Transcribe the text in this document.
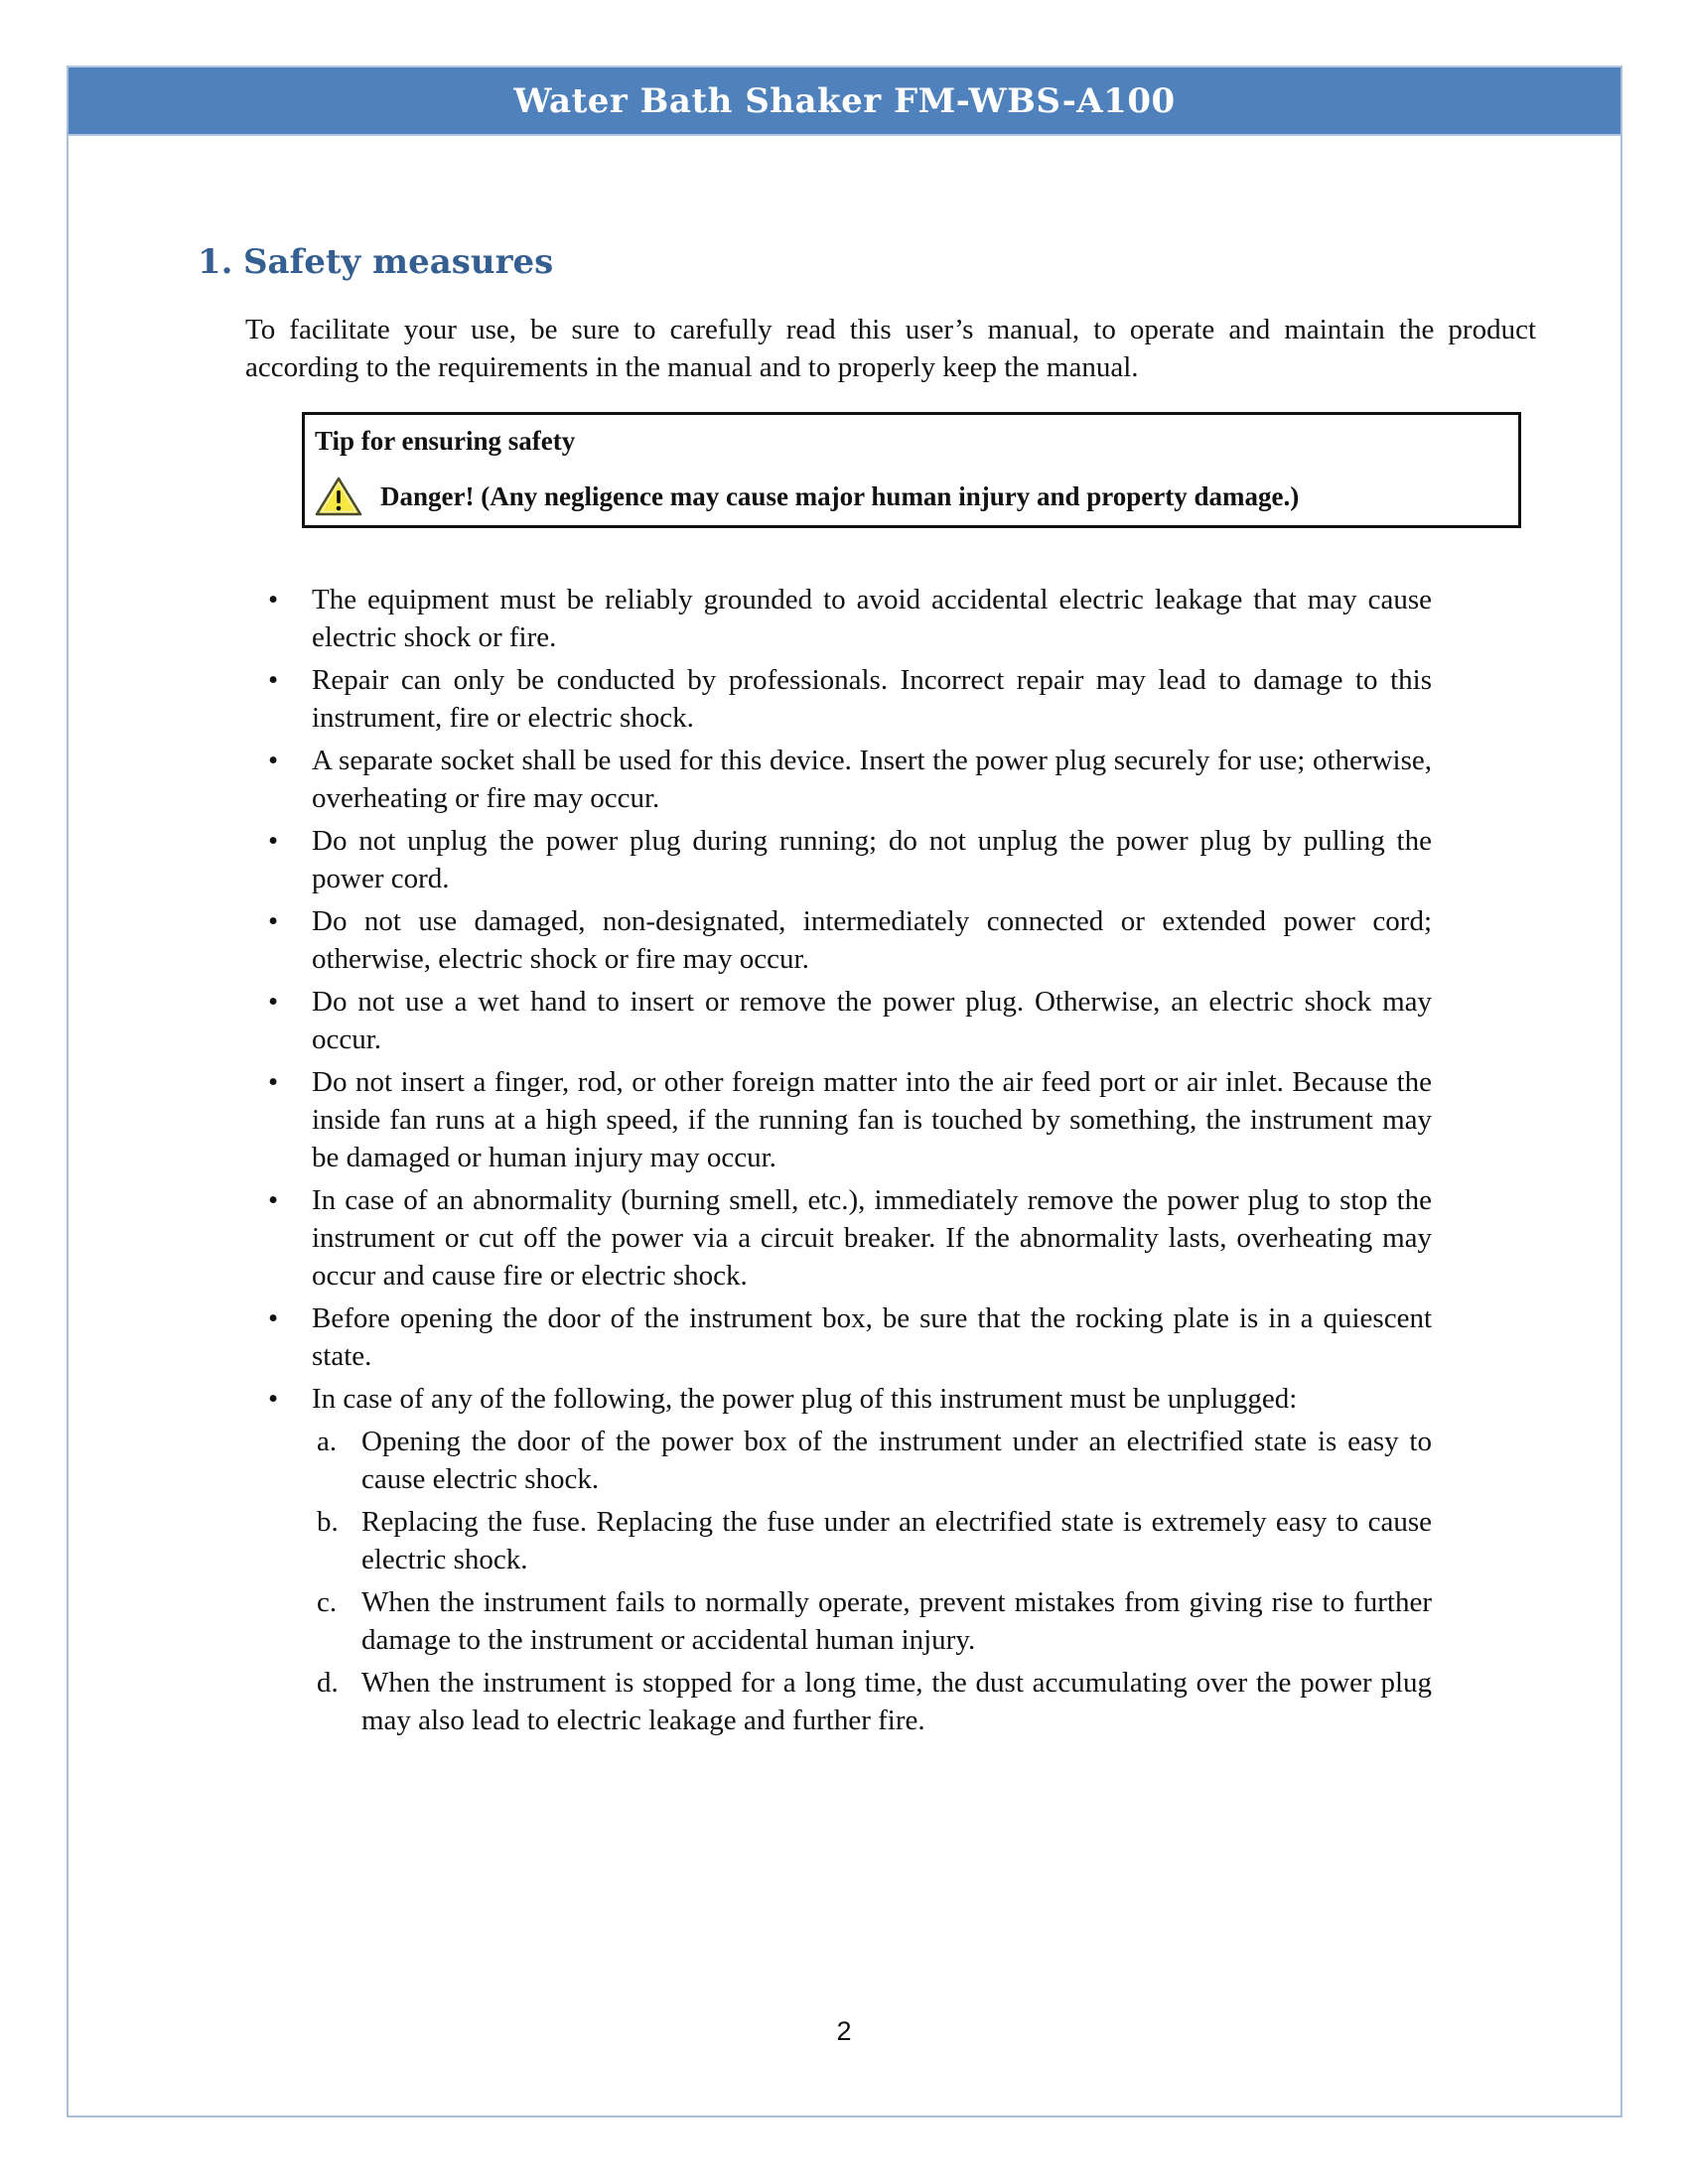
Water Bath Shaker FM-WBS-A100
1. Safety measures
To facilitate your use, be sure to carefully read this user’s manual, to operate and maintain the product according to the requirements in the manual and to properly keep the manual.
Tip for ensuring safety
Danger! (Any negligence may cause major human injury and property damage.)
•	The equipment must be reliably grounded to avoid accidental electric leakage that may cause electric shock or fire.
•	Repair can only be conducted by professionals. Incorrect repair may lead to damage to this instrument, fire or electric shock.
•	A separate socket shall be used for this device. Insert the power plug securely for use; otherwise, overheating or fire may occur.
•	Do not unplug the power plug during running; do not unplug the power plug by pulling the power cord.
•	Do not use damaged, non-designated, intermediately connected or extended power cord; otherwise, electric shock or fire may occur.
•	Do not use a wet hand to insert or remove the power plug. Otherwise, an electric shock may occur.
•	Do not insert a finger, rod, or other foreign matter into the air feed port or air inlet. Because the inside fan runs at a high speed, if the running fan is touched by something, the instrument may be damaged or human injury may occur.
•	In case of an abnormality (burning smell, etc.), immediately remove the power plug to stop the instrument or cut off the power via a circuit breaker. If the abnormality lasts, overheating may occur and cause fire or electric shock.
•	Before opening the door of the instrument box, be sure that the rocking plate is in a quiescent state.
•	In case of any of the following, the power plug of this instrument must be unplugged:
a. Opening the door of the power box of the instrument under an electrified state is easy to cause electric shock.
b. Replacing the fuse. Replacing the fuse under an electrified state is extremely easy to cause electric shock.
c. When the instrument fails to normally operate, prevent mistakes from giving rise to further damage to the instrument or accidental human injury.
d. When the instrument is stopped for a long time, the dust accumulating over the power plug may also lead to electric leakage and further fire.
2
